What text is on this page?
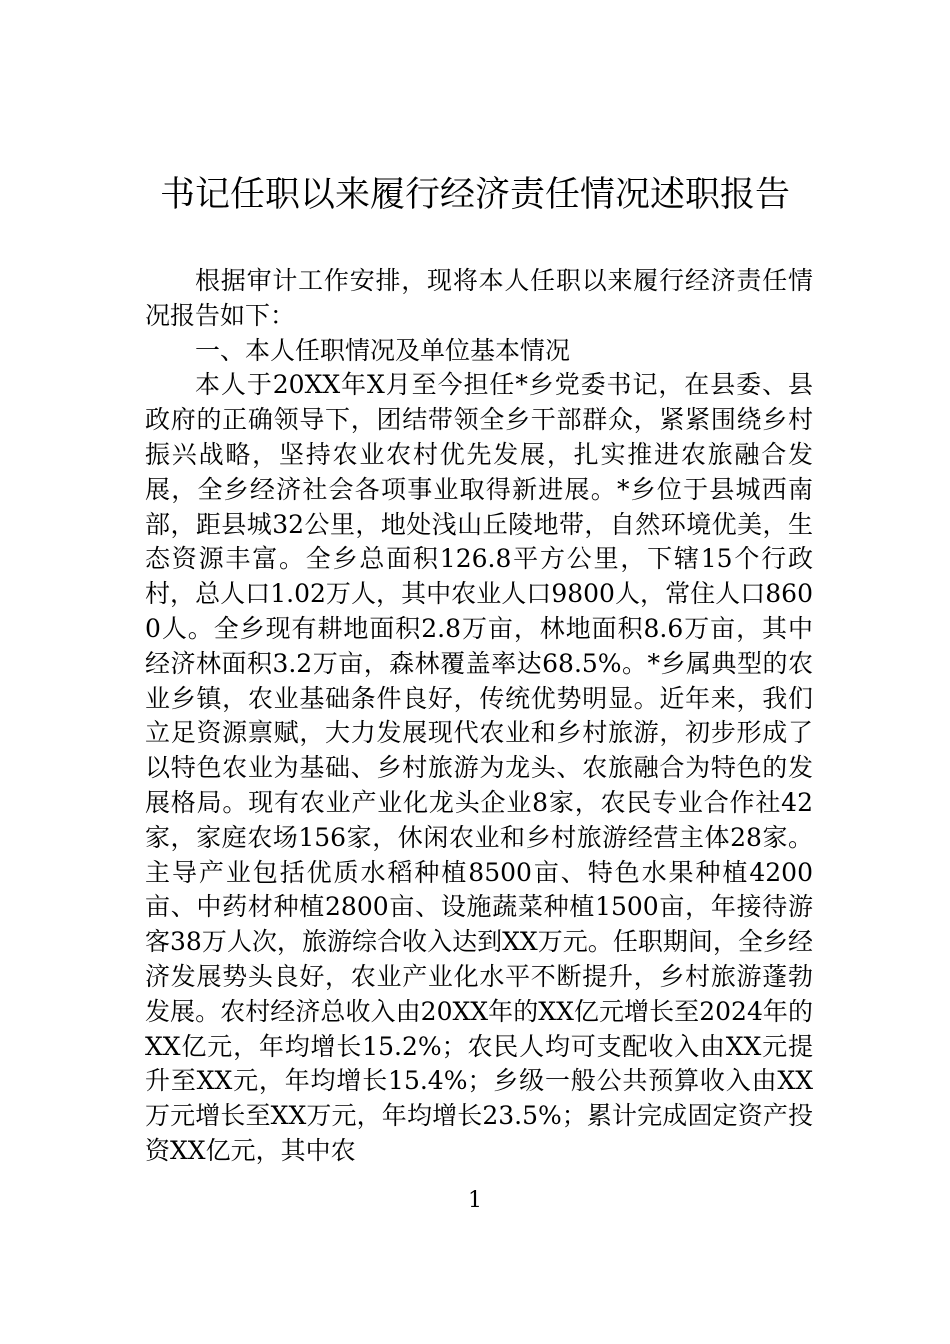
书记任职以来履行经济责任情况述职报告

根据审计工作安排，现将本人任职以来履行经济责任情况报告如下：

一、本人任职情况及单位基本情况

本人于20XX年X月至今担任*乡党委书记，在县委、县政府的正确领导下，团结带领全乡干部群众，紧紧围绕乡村振兴战略，坚持农业农村优先发展，扎实推进农旅融合发展，全乡经济社会各项事业取得新进展。*乡位于县城西南部，距县城32公里，地处浅山丘陵地带，自然环境优美，生态资源丰富。全乡总面积126.8平方公里，下辖15个行政村，总人口1.02万人，其中农业人口9800人，常住人口8600人。全乡现有耕地面积2.8万亩，林地面积8.6万亩，其中经济林面积3.2万亩，森林覆盖率达68.5%。*乡属典型的农业乡镇，农业基础条件良好，传统优势明显。近年来，我们立足资源禀赋，大力发展现代农业和乡村旅游，初步形成了以特色农业为基础、乡村旅游为龙头、农旅融合为特色的发展格局。现有农业产业化龙头企业8家，农民专业合作社42家，家庭农场156家，休闲农业和乡村旅游经营主体28家。主导产业包括优质水稻种植8500亩、特色水果种植4200亩、中药材种植2800亩、设施蔬菜种植1500亩，年接待游客38万人次，旅游综合收入达到XX万元。任职期间，全乡经济发展势头良好，农业产业化水平不断提升，乡村旅游蓬勃发展。农村经济总收入由20XX年的XX亿元增长至2024年的XX亿元，年均增长15.2%；农民人均可支配收入由XX元提升至XX元，年均增长15.4%；乡级一般公共预算收入由XX万元增长至XX万元，年均增长23.5%；累计完成固定资产投资XX亿元，其中农

1
